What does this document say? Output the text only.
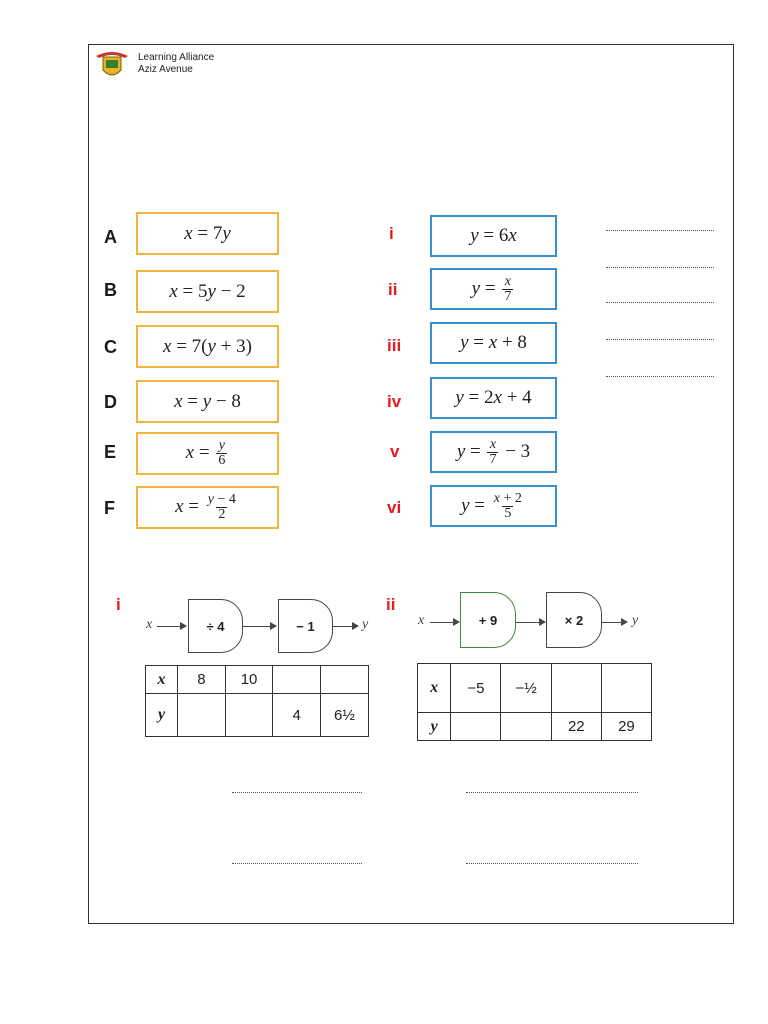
Learning Alliance
Aziz Avenue
A	x = 7y
B	x = 5y − 2
C x = 7(y + 3)
D	x = y − 8
E	$x = \frac{y}{6}$
F	$x = \frac{y - 4}{2}$
i	y = 6x
ii	$y = \frac{x}{7}$
iii	y = x + 8
iv	y = 2x + 4
v	$y = \frac{x}{7} - 3$
vi	$y = \frac{x + 2}{5}$
i
x	÷ 4	− 1	y
x	8	10		
y			4	6½
ii
x	+ 9	× 2	y
x	−5	−½		
y			22	29
